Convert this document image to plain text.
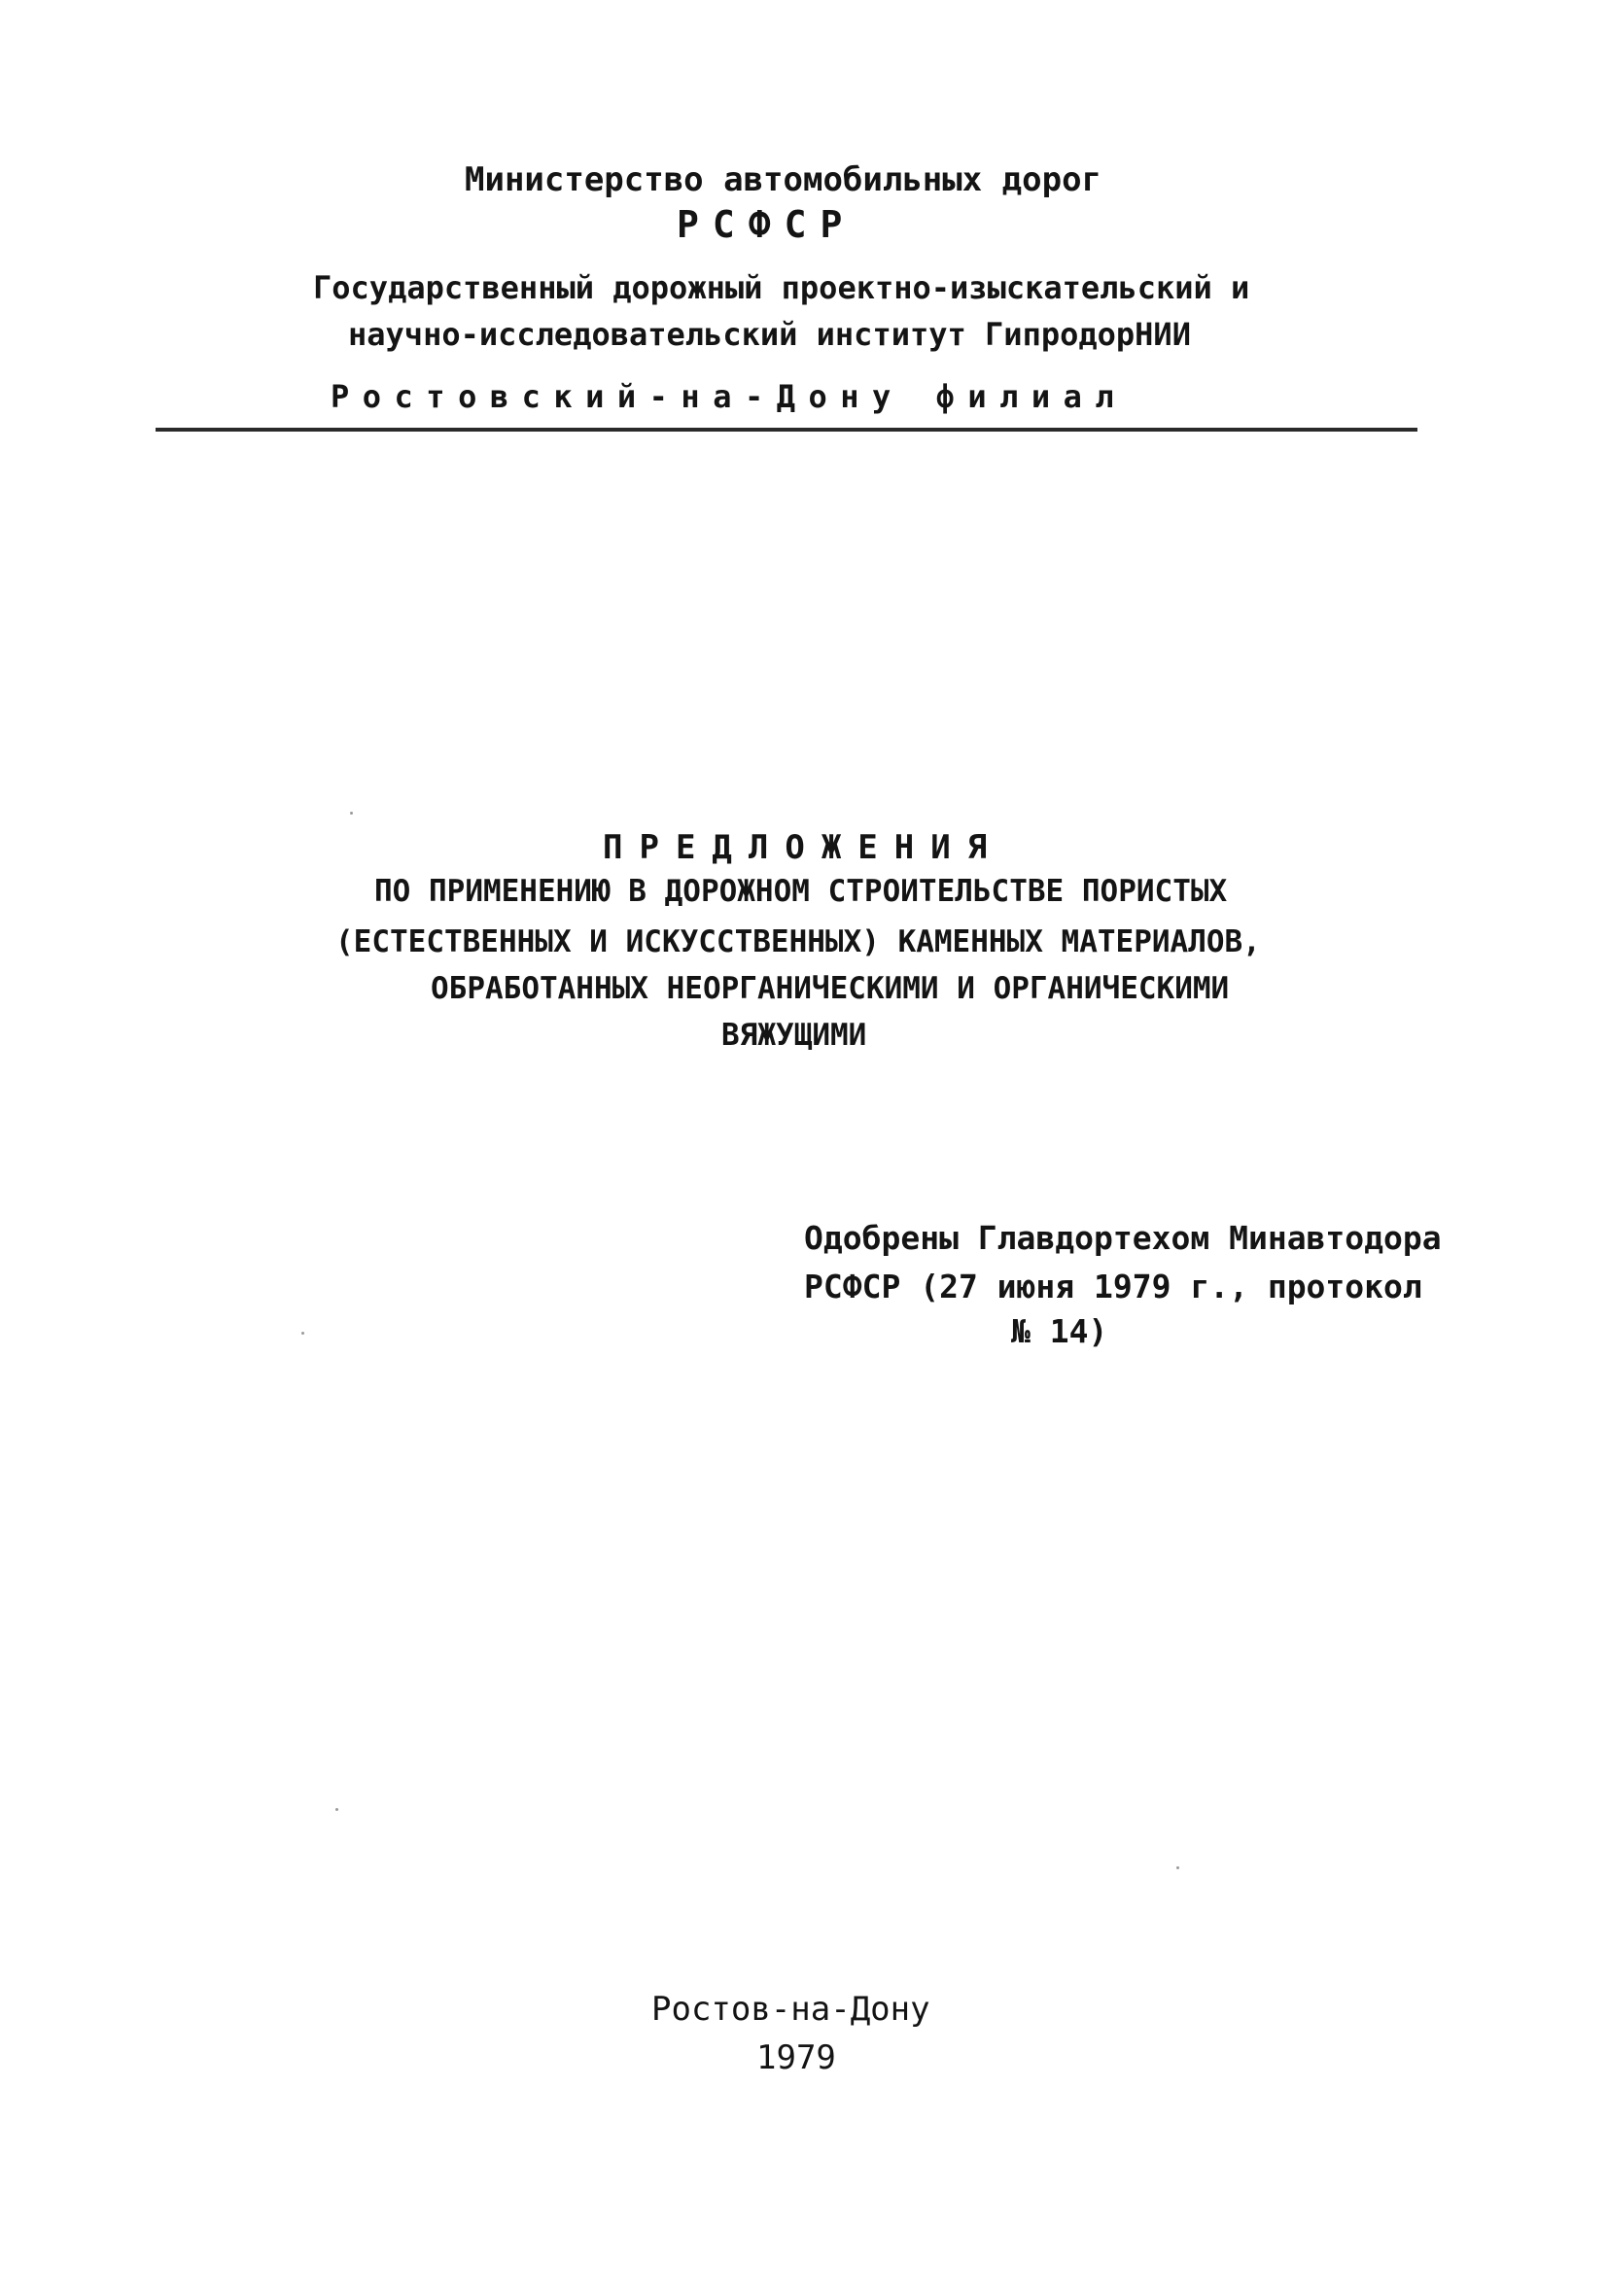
Министерство автомобильных дорог
РСФСР
Государственный дорожный проектно-изыскательский и
научно-исследовательский институт ГипродорНИИ
Ростовский-на-Дону филиал
ПРЕДЛОЖЕНИЯ
ПО ПРИМЕНЕНИЮ В ДОРОЖНОМ СТРОИТЕЛЬСТВЕ ПОРИСТЫХ
(ЕСТЕСТВЕННЫХ И ИСКУССТВЕННЫХ) КАМЕННЫХ МАТЕРИАЛОВ,
ОБРАБОТАННЫХ НЕОРГАНИЧЕСКИМИ И ОРГАНИЧЕСКИМИ
ВЯЖУЩИМИ
Одобрены Главдортехом Минавтодора
РСФСР (27 июня 1979 г., протокол
№ 14)
Ростов-на-Дону
1979
